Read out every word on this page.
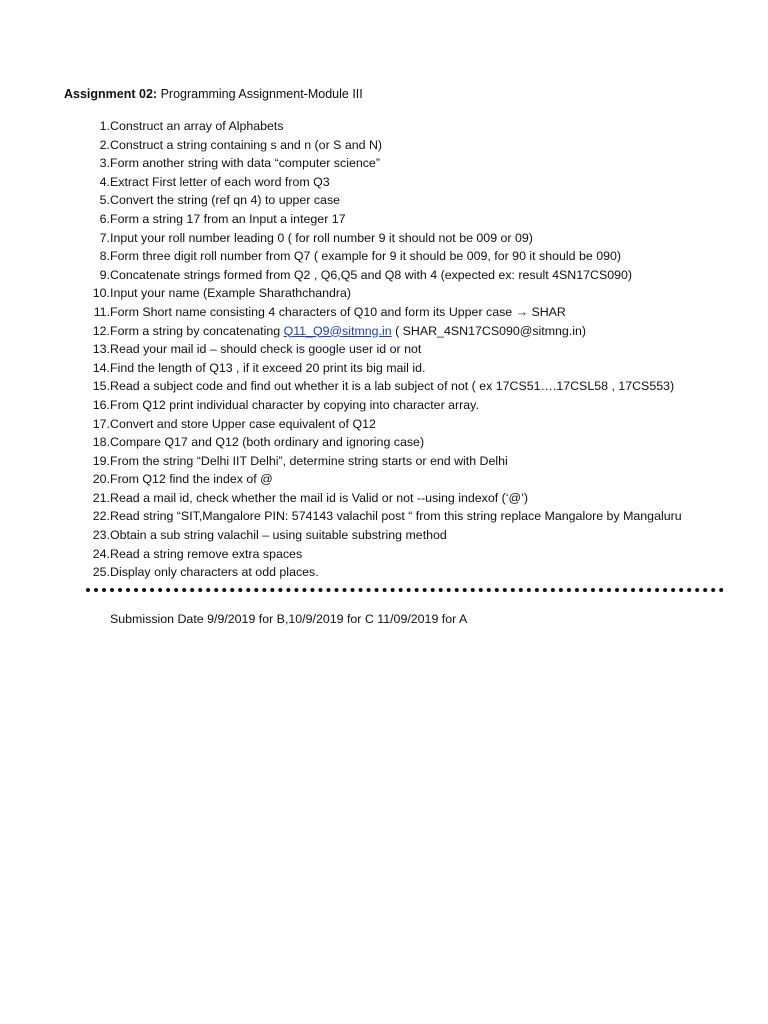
Assignment 02: Programming Assignment-Module III
1. Construct an array of Alphabets
2. Construct a string containing s and n (or S and N)
3. Form another string with data “computer science”
4. Extract First letter of each word from Q3
5. Convert the string (ref qn 4) to upper case
6. Form a string 17 from an Input a integer 17
7. Input your roll number leading 0 ( for roll number 9 it should not be 009 or 09)
8. Form three digit roll number from Q7 ( example for 9 it should be 009, for 90 it should be 090)
9. Concatenate strings formed from Q2 , Q6,Q5 and Q8 with 4 (expected ex: result 4SN17CS090)
10. Input your name (Example Sharathchandra)
11. Form Short name consisting 4 characters of Q10 and form its Upper case → SHAR
12. Form a string by concatenating Q11_Q9@sitmng.in ( SHAR_4SN17CS090@sitmng.in)
13. Read your mail id – should check is google user id or not
14. Find the length of Q13 , if it exceed 20 print its big mail id.
15. Read a subject code and find out whether it is a lab subject of not ( ex 17CS51….17CSL58 , 17CS553)
16. From Q12 print individual character by copying into character array.
17. Convert and store Upper case equivalent of Q12
18. Compare Q17 and Q12 (both ordinary and ignoring case)
19. From the string “Delhi IIT Delhi”, determine string starts or end with Delhi
20. From Q12 find the index of @
21. Read a mail id, check whether the mail id is Valid or not --using indexof (‘@’)
22. Read string “SIT,Mangalore PIN: 574143 valachil post “ from this string replace Mangalore by Mangaluru
23. Obtain a sub string valachil – using suitable substring method
24. Read a string remove extra spaces
25. Display only characters at odd places.
Submission Date 9/9/2019 for B,10/9/2019 for C 11/09/2019 for A
